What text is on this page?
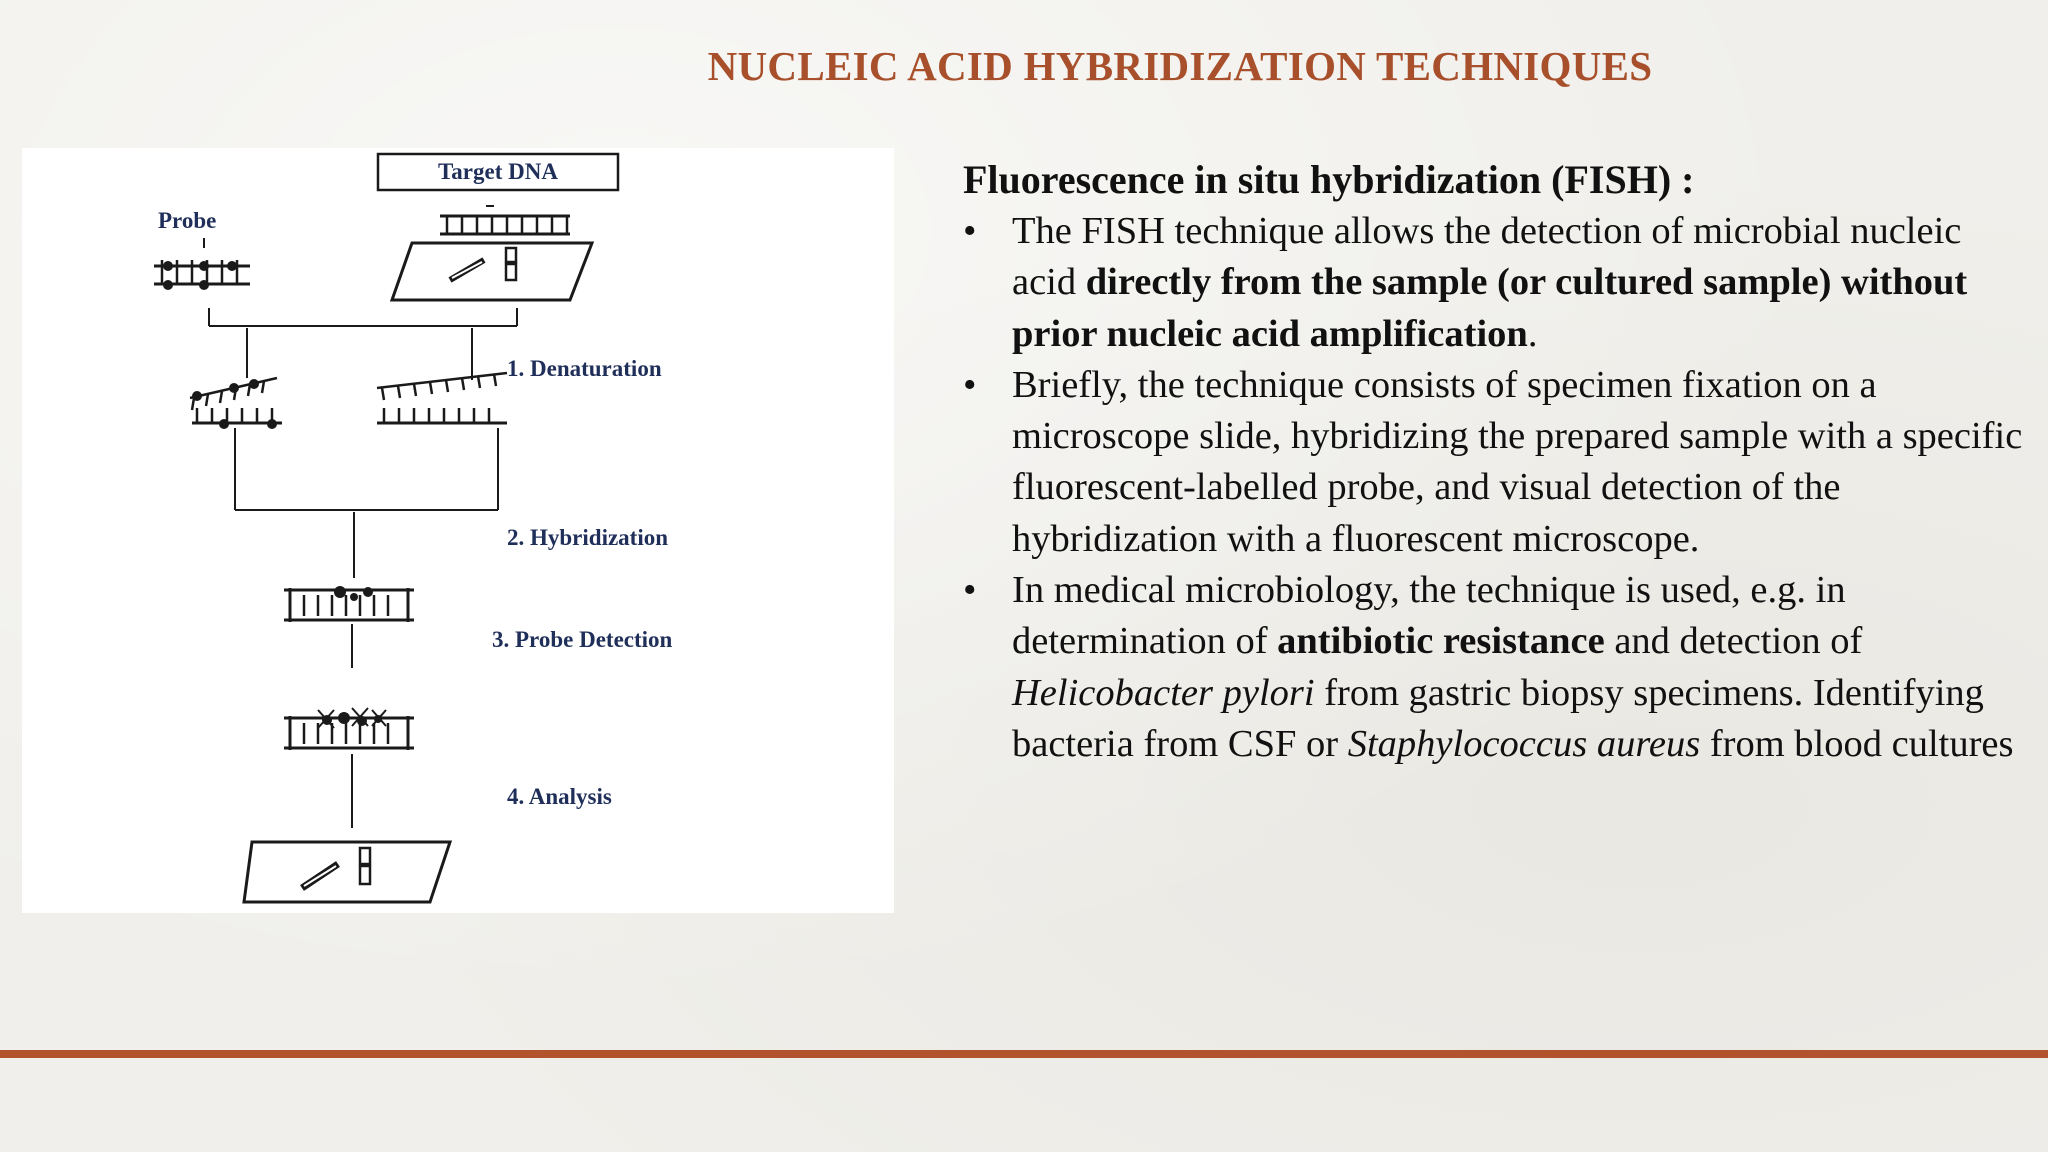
NUCLEIC ACID HYBRIDIZATION TECHNIQUES
Target DNA
Probe
1. Denaturation
2. Hybridization
3. Probe Detection
4. Analysis

Fluorescence in situ hybridization (FISH) :

• The FISH technique allows the detection of microbial nucleic acid directly from the sample (or cultured sample) without prior nucleic acid amplification.
• Briefly, the technique consists of specimen fixation on a microscope slide, hybridizing the prepared sample with a specific fluorescent-labelled probe, and visual detection of the hybridization with a fluorescent microscope.
• In medical microbiology, the technique is used, e.g. in determination of antibiotic resistance and detection of Helicobacter pylori from gastric biopsy specimens. Identifying bacteria from CSF or Staphylococcus aureus from blood cultures
